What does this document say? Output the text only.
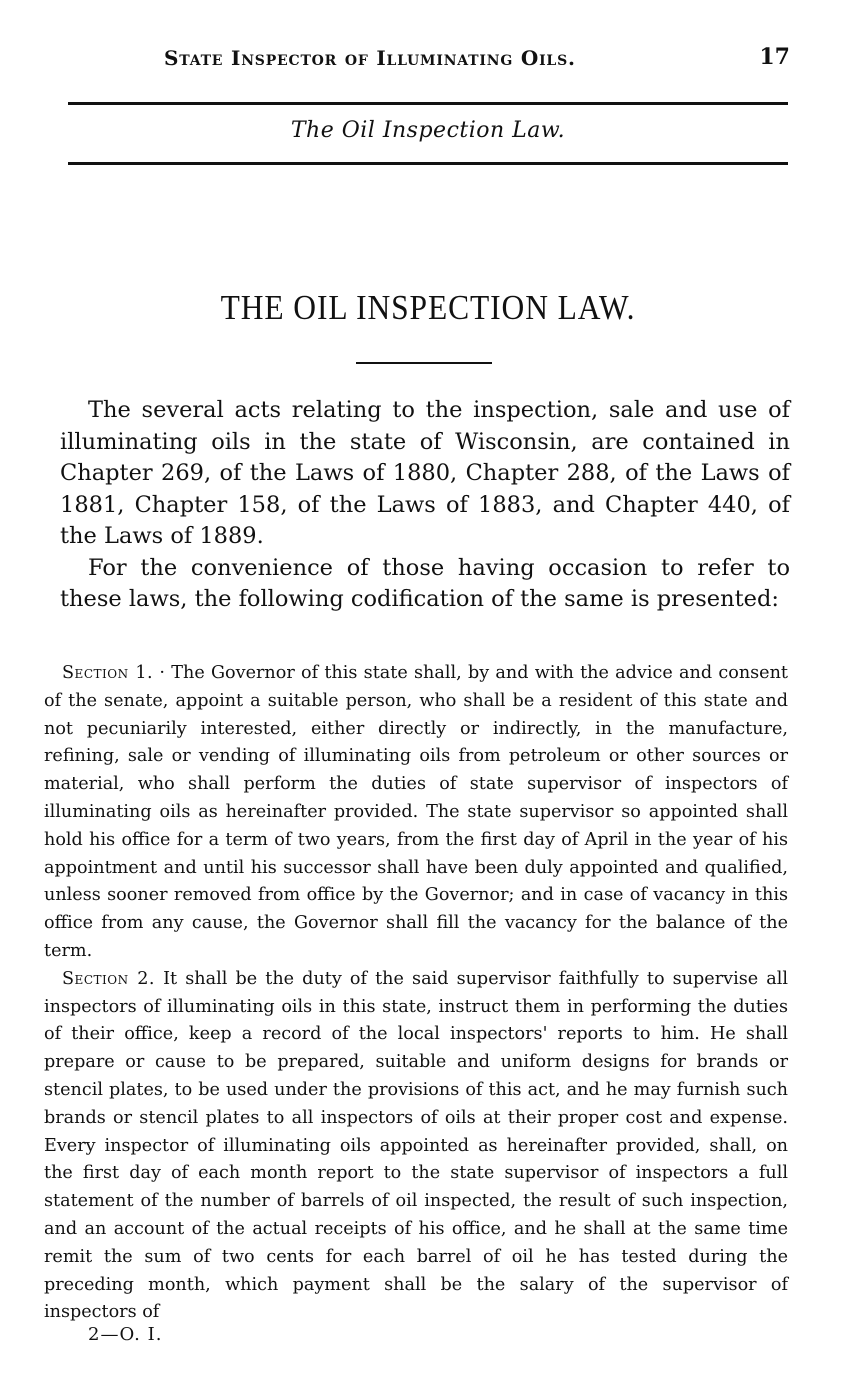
State Inspector of Illuminating Oils.	17
The Oil Inspection Law.
THE OIL INSPECTION LAW.

The several acts relating to the inspection, sale and use of illuminating oils in the state of Wisconsin, are contained in Chapter 269, of the Laws of 1880, Chapter 288, of the Laws of 1881, Chapter 158, of the Laws of 1883, and Chapter 440, of the Laws of 1889.

For the convenience of those having occasion to refer to these laws, the following codification of the same is presented:

Section 1. · The Governor of this state shall, by and with the advice and consent of the senate, appoint a suitable person, who shall be a resident of this state and not pecuniarily interested, either directly or indirectly, in the manufacture, refining, sale or vending of illuminating oils from petroleum or other sources or material, who shall perform the duties of state supervisor of inspectors of illuminating oils as hereinafter provided. The state supervisor so appointed shall hold his office for a term of two years, from the first day of April in the year of his appointment and until his successor shall have been duly appointed and qualified, unless sooner removed from office by the Governor; and in case of vacancy in this office from any cause, the Governor shall fill the vacancy for the balance of the term.

Section 2. It shall be the duty of the said supervisor faithfully to supervise all inspectors of illuminating oils in this state, instruct them in performing the duties of their office, keep a record of the local inspectors' reports to him. He shall prepare or cause to be prepared, suitable and uniform designs for brands or stencil plates, to be used under the provisions of this act, and he may furnish such brands or stencil plates to all inspectors of oils at their proper cost and expense. Every inspector of illuminating oils appointed as hereinafter provided, shall, on the first day of each month report to the state supervisor of inspectors a full statement of the number of barrels of oil inspected, the result of such inspection, and an account of the actual receipts of his office, and he shall at the same time remit the sum of two cents for each barrel of oil he has tested during the preceding month, which payment shall be the salary of the supervisor of inspectors of

2—O. I.
